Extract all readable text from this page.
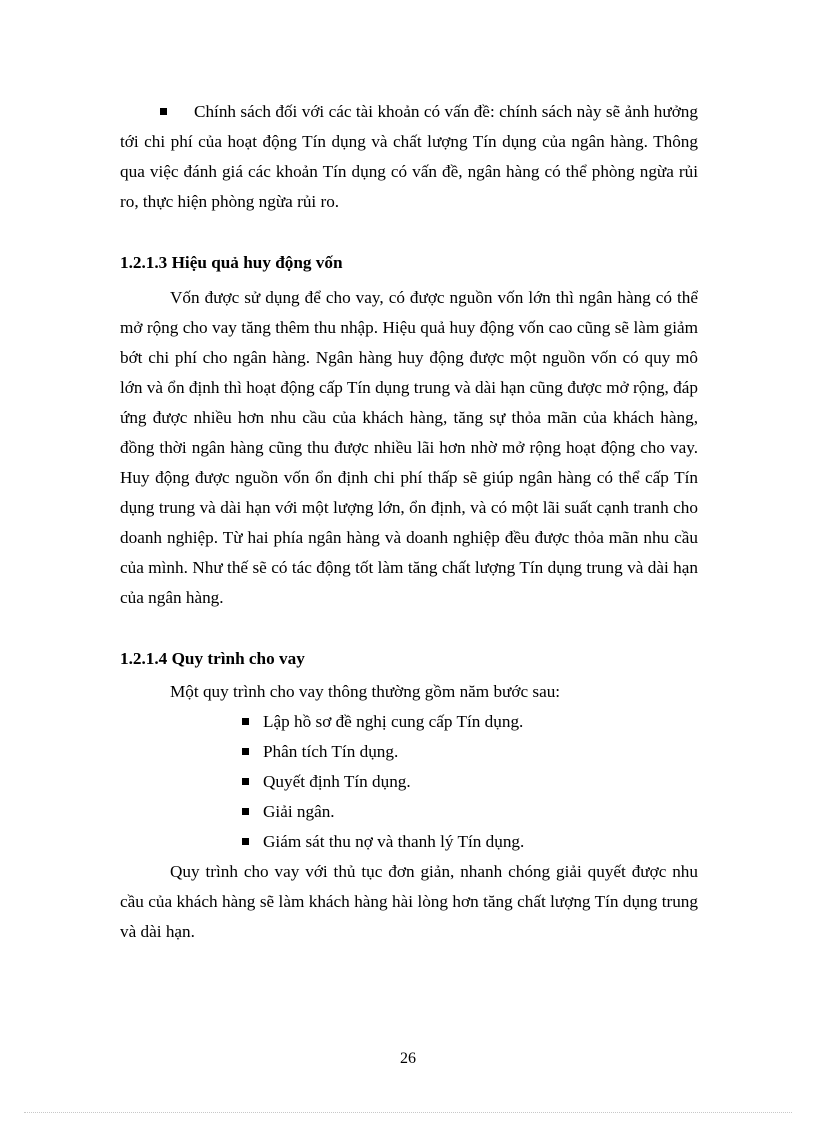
Chính sách đối với các tài khoản có vấn đề: chính sách này sẽ ảnh hưởng tới chi phí của hoạt động Tín dụng và chất lượng Tín dụng của ngân hàng. Thông qua việc đánh giá các khoản Tín dụng có vấn đề, ngân hàng có thể phòng ngừa rủi ro, thực hiện phòng ngừa rủi ro.

1.2.1.3 Hiệu quả huy động vốn

Vốn được sử dụng để cho vay, có được nguồn vốn lớn thì ngân hàng có thể mở rộng cho vay tăng thêm thu nhập. Hiệu quả huy động vốn cao cũng sẽ làm giảm bớt chi phí cho ngân hàng. Ngân hàng huy động được một nguồn vốn có quy mô lớn và ổn định thì hoạt động cấp Tín dụng trung và dài hạn cũng được mở rộng, đáp ứng được nhiều hơn nhu cầu của khách hàng, tăng sự thỏa mãn của khách hàng, đồng thời ngân hàng cũng thu được nhiều lãi hơn nhờ mở rộng hoạt động cho vay. Huy động được nguồn vốn ổn định chi phí thấp sẽ giúp ngân hàng có thể cấp Tín dụng trung và dài hạn với một lượng lớn, ổn định, và có một lãi suất cạnh tranh cho doanh nghiệp. Từ hai phía ngân hàng và doanh nghiệp đều được thỏa mãn nhu cầu của mình. Như thế sẽ có tác động tốt làm tăng chất lượng Tín dụng trung và dài hạn của ngân hàng.

1.2.1.4 Quy trình cho vay

Một quy trình cho vay thông thường gồm năm bước sau:

Lập hồ sơ đề nghị cung cấp Tín dụng.
Phân tích Tín dụng.
Quyết định Tín dụng.
Giải ngân.
Giám sát thu nợ và thanh lý Tín dụng.

Quy trình cho vay với thủ tục đơn giản, nhanh chóng giải quyết được nhu cầu của khách hàng sẽ làm khách hàng hài lòng hơn tăng chất lượng Tín dụng trung và dài hạn.

26
